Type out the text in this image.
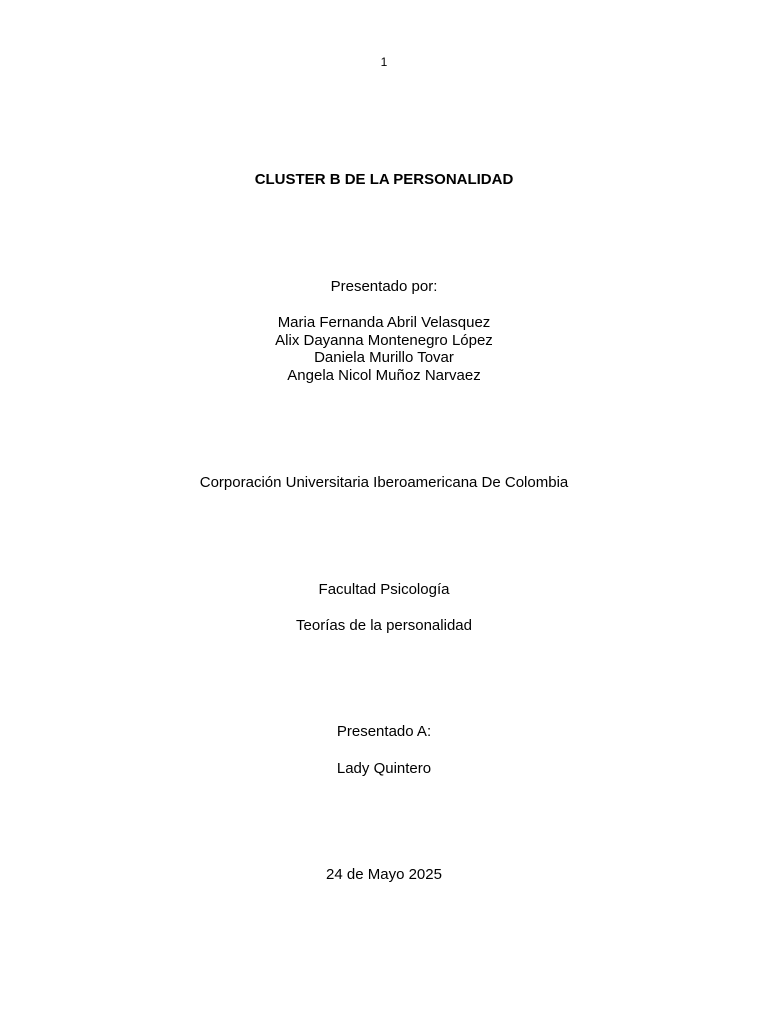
1
CLUSTER B DE LA PERSONALIDAD
Presentado por:
Maria Fernanda Abril Velasquez
Alix Dayanna Montenegro López
Daniela Murillo Tovar
Angela Nicol Muñoz Narvaez
Corporación Universitaria Iberoamericana De Colombia
Facultad Psicología
Teorías de la personalidad
Presentado A:
Lady Quintero
24 de Mayo 2025
